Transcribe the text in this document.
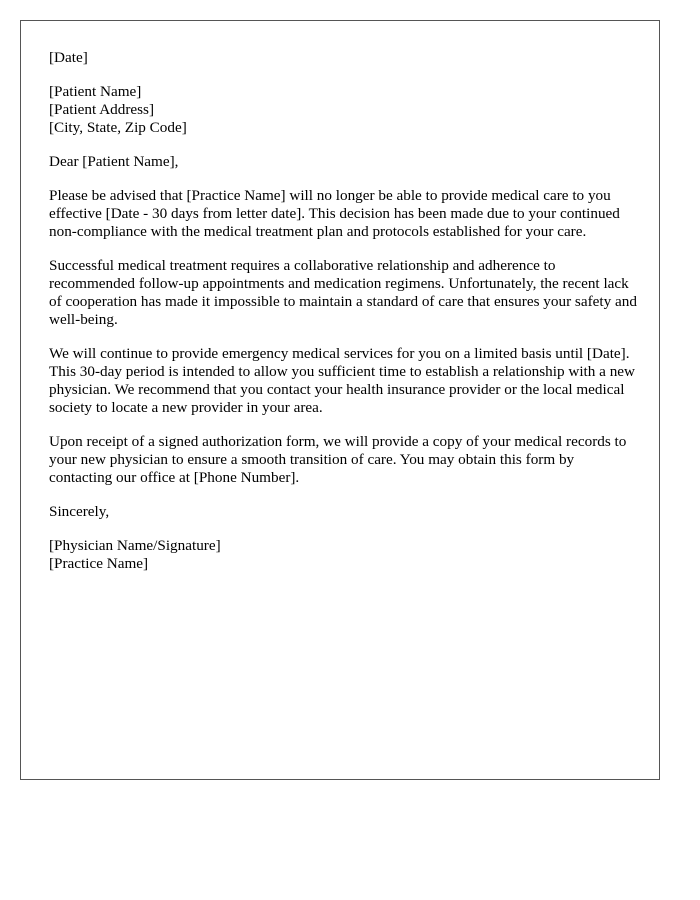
[Date]
[Patient Name]
[Patient Address]
[City, State, Zip Code]
Dear [Patient Name],

Please be advised that [Practice Name] will no longer be able to provide medical care to you effective [Date - 30 days from letter date]. This decision has been made due to your continued non-compliance with the medical treatment plan and protocols established for your care.

Successful medical treatment requires a collaborative relationship and adherence to recommended follow-up appointments and medication regimens. Unfortunately, the recent lack of cooperation has made it impossible to maintain a standard of care that ensures your safety and well-being.

We will continue to provide emergency medical services for you on a limited basis until [Date]. This 30-day period is intended to allow you sufficient time to establish a relationship with a new physician. We recommend that you contact your health insurance provider or the local medical society to locate a new provider in your area.

Upon receipt of a signed authorization form, we will provide a copy of your medical records to your new physician to ensure a smooth transition of care. You may obtain this form by contacting our office at [Phone Number].

Sincerely,
[Physician Name/Signature]
[Practice Name]
